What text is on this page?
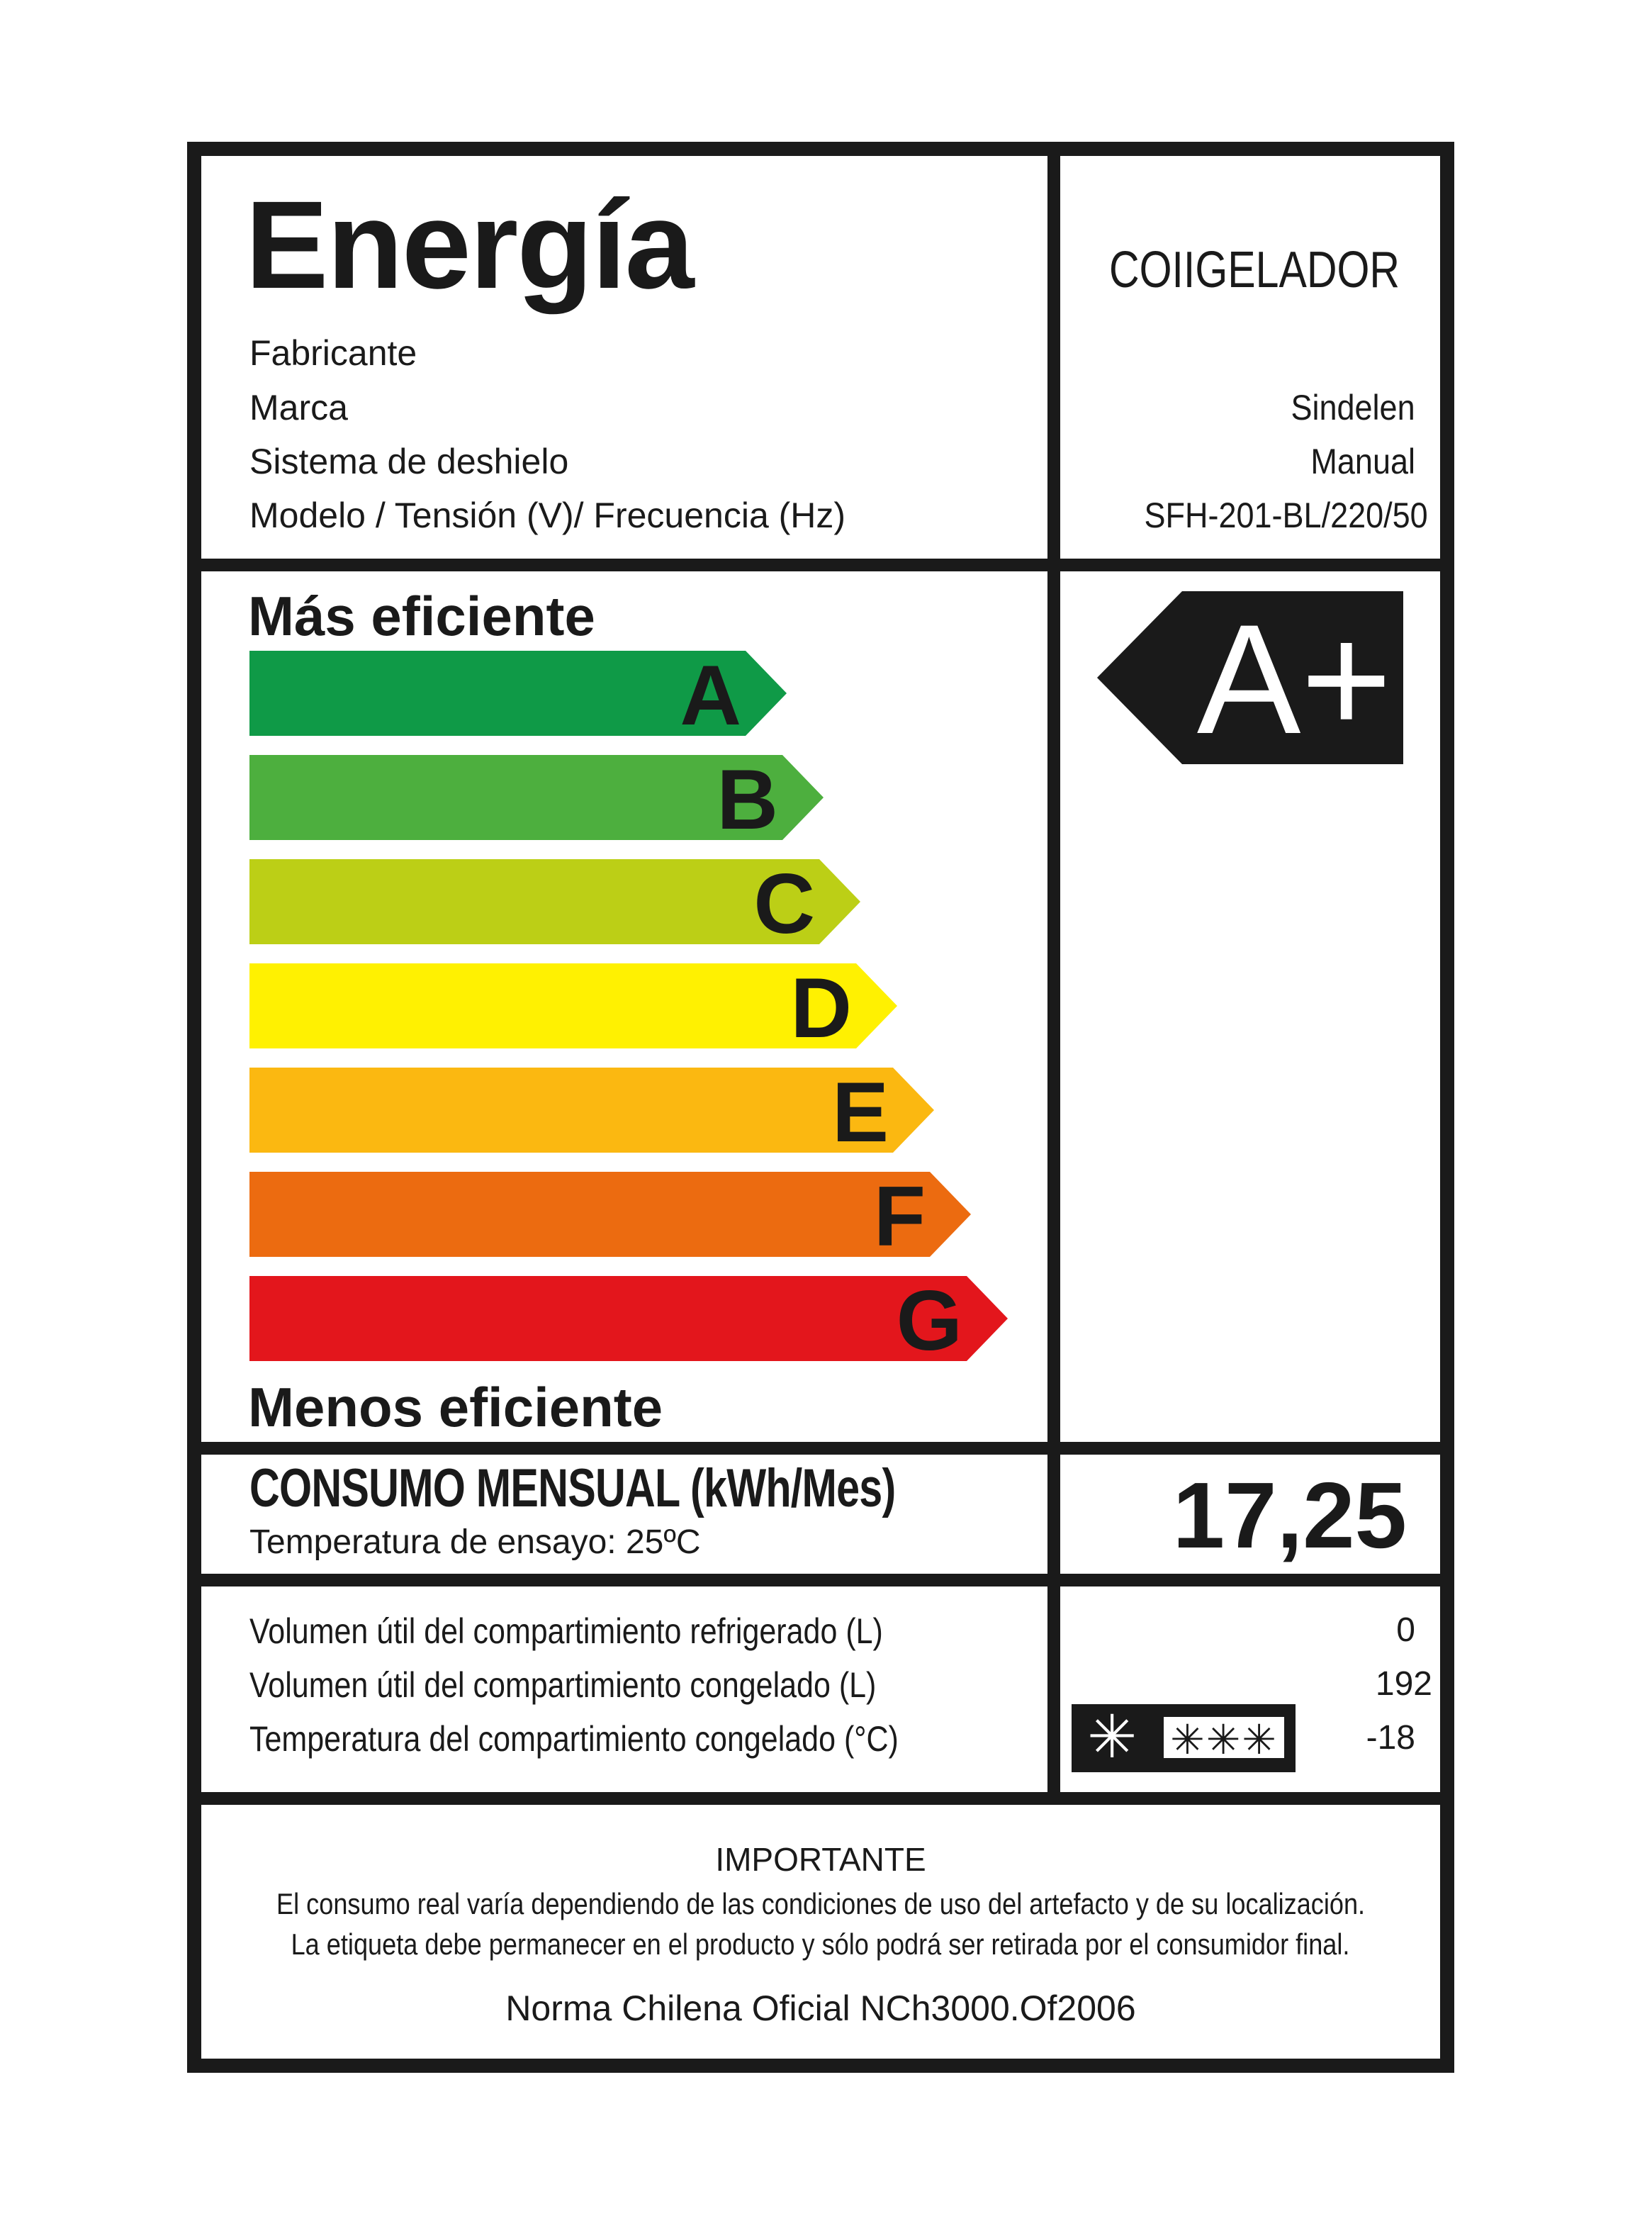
Energía	COIIGELADOR
Fabricante
Marca
Sistema de deshielo
Modelo / Tensión (V)/ Frecuencia (Hz)
Sindelen
Manual
SFH-201-BL/220/50
Más eficiente
Menos eficiente
A
B
C
D
E
F
G
A+
CONSUMO MENSUAL (kWh/Mes)
Temperatura de ensayo: 25ºC	17,25
Volumen útil del compartimiento refrigerado (L)
Volumen útil del compartimiento congelado (L)
Temperatura del compartimiento congelado (°C)
0
192
-18
✳ ✳✳✳
IMPORTANTE
El consumo real varía dependiendo de las condiciones de uso del artefacto y de su localización.
La etiqueta debe permanecer en el producto y sólo podrá ser retirada por el consumidor final.
Norma Chilena Oficial NCh3000.Of2006
